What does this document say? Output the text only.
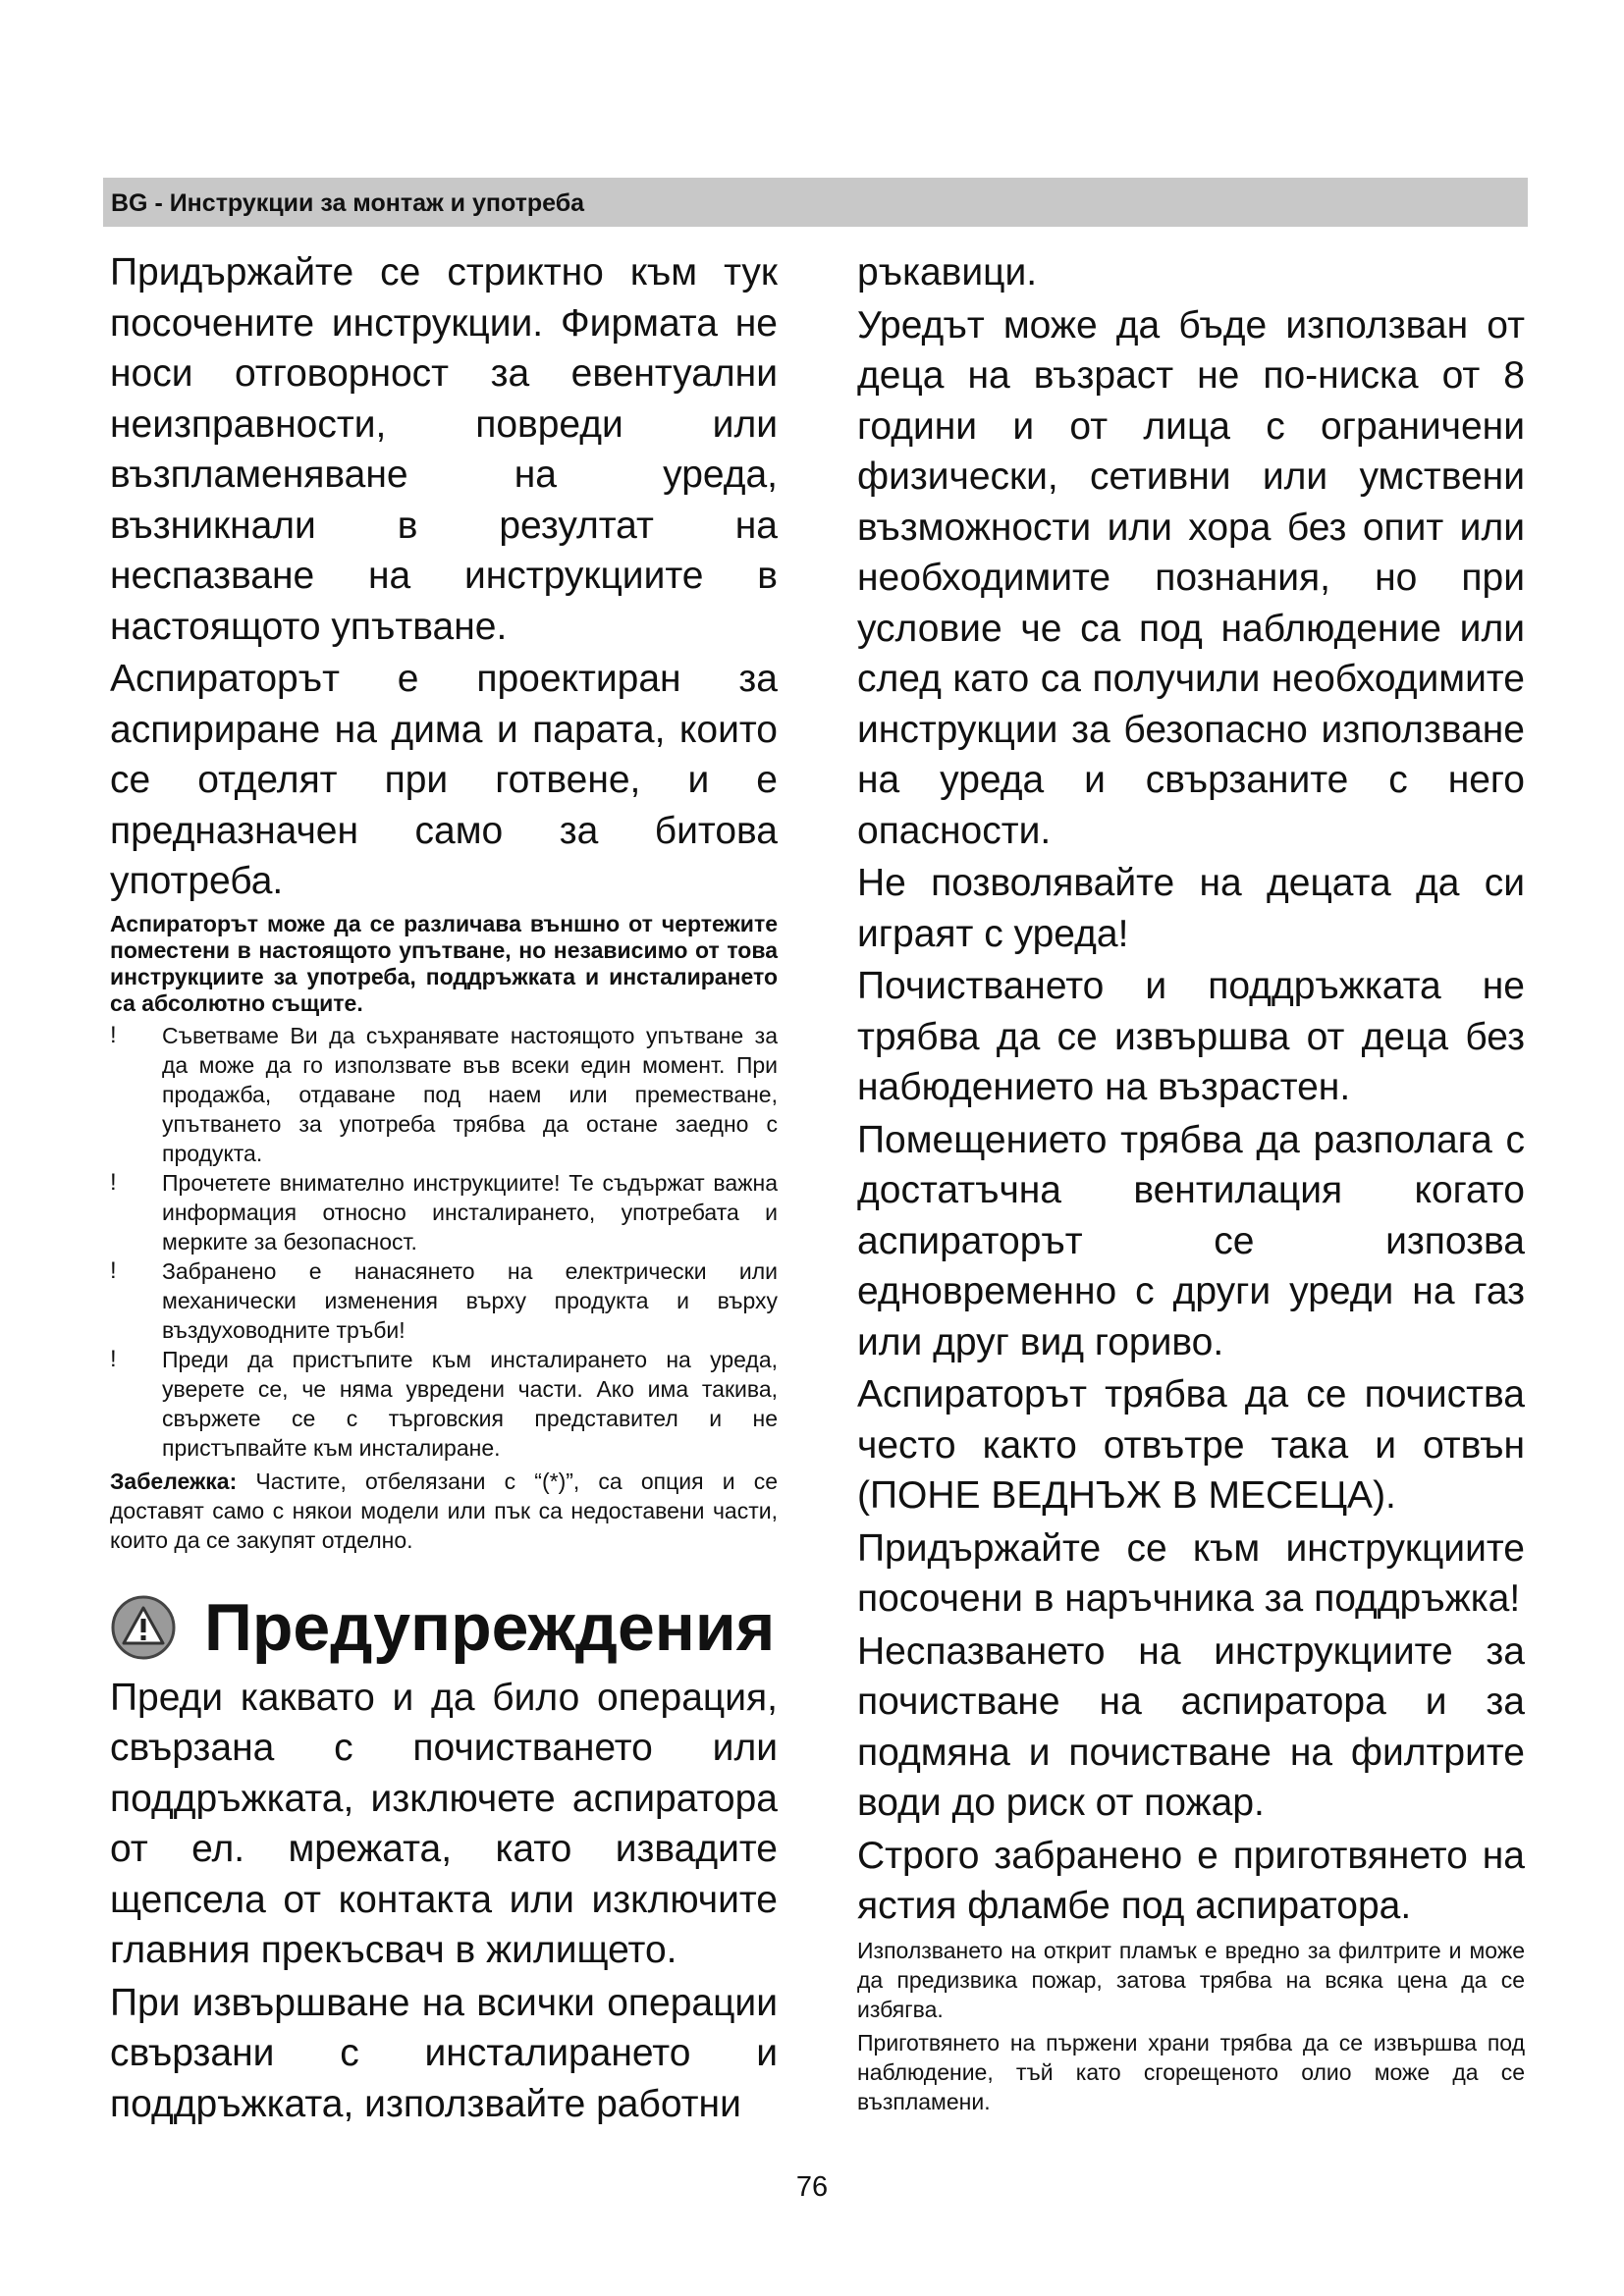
BG - Инструкции за монтаж и употреба

Придържайте се стриктно към тук посочените инструкции. Фирмата не носи отговорност за евентуални неизправности, повреди или възпламеняване на уреда, възникнали в резултат на неспазване на инструкциите в настоящото упътване.

Аспираторът е проектиран за аспириране на дима и парата, които се отделят при готвене, и е предназначен само за битова употреба.

Аспираторът може да се различава външно от чертежите поместени в настоящото упътване, но независимо от това инструкциите за употреба, поддръжката и инсталирането са абсолютно същите.

!	Съветваме Ви да съхранявате настоящото упътване за да може да го използвате във всеки един момент. При продажба, отдаване под наем или преместване, упътването за употреба трябва да остане заедно с продукта.
!	Прочетете внимателно инструкциите! Те съдържат важна информация относно инсталирането, употребата и мерките за безопасност.
!	Забранено е нанасянето на електрически или механически изменения върху продукта и върху въздуховодните тръби!
!	Преди да пристъпите към инсталирането на уреда, уверете се, че няма увредени части. Ако има такива, свържете се с търговския представител и не пристъпвайте към инсталиране.

Забележка: Частите, отбелязани с “(*)”, са опция и се доставят само с някои модели или пък са недоставени части, които да се закупят отделно.

Предупреждения

Преди каквато и да било операция, свързана с почистването или поддръжката, изключете аспиратора от ел. мрежата, като извадите щепсела от контакта или изключите главния прекъсвач в жилището.

При извършване на всички операции свързани с инсталирането и поддръжката, използвайте работни

ръкавици.

Уредът може да бъде използван от деца на възраст не по-ниска от 8 години и от лица с ограничени физически, сетивни или умствени възможности или хора без опит или необходимите познания, но при условие че са под наблюдение или след като са получили необходимите инструкции за безопасно използване на уреда и свързаните с него опасности.

Не позволявайте на децата да си играят с уреда!

Почистването и поддръжката не трябва да се извършва от деца без набюдението на възрастен.

Помещението трябва да разполага с достатъчна вентилация когато аспираторът се изпозва едновременно с други уреди на газ или друг вид гориво.

Аспираторът трябва да се почиства често както отвътре така и отвън (ПОНЕ ВЕДНЪЖ В МЕСЕЦА).

Придържайте се към инструкциите посочени в наръчника за поддръжка!

Неспазването на инструкциите за почистване на аспиратора и за подмяна и почистване на филтрите води до риск от пожар.

Строго забранено е приготвянето на ястия фламбе под аспиратора.

Използването на открит пламък е вредно за филтрите и може да предизвика пожар, затова трябва на всяка цена да се избягва.

Приготвянето на пържени храни трябва да се извършва под наблюдение, тъй като сгорещеното олио може да се възпламени.

76
